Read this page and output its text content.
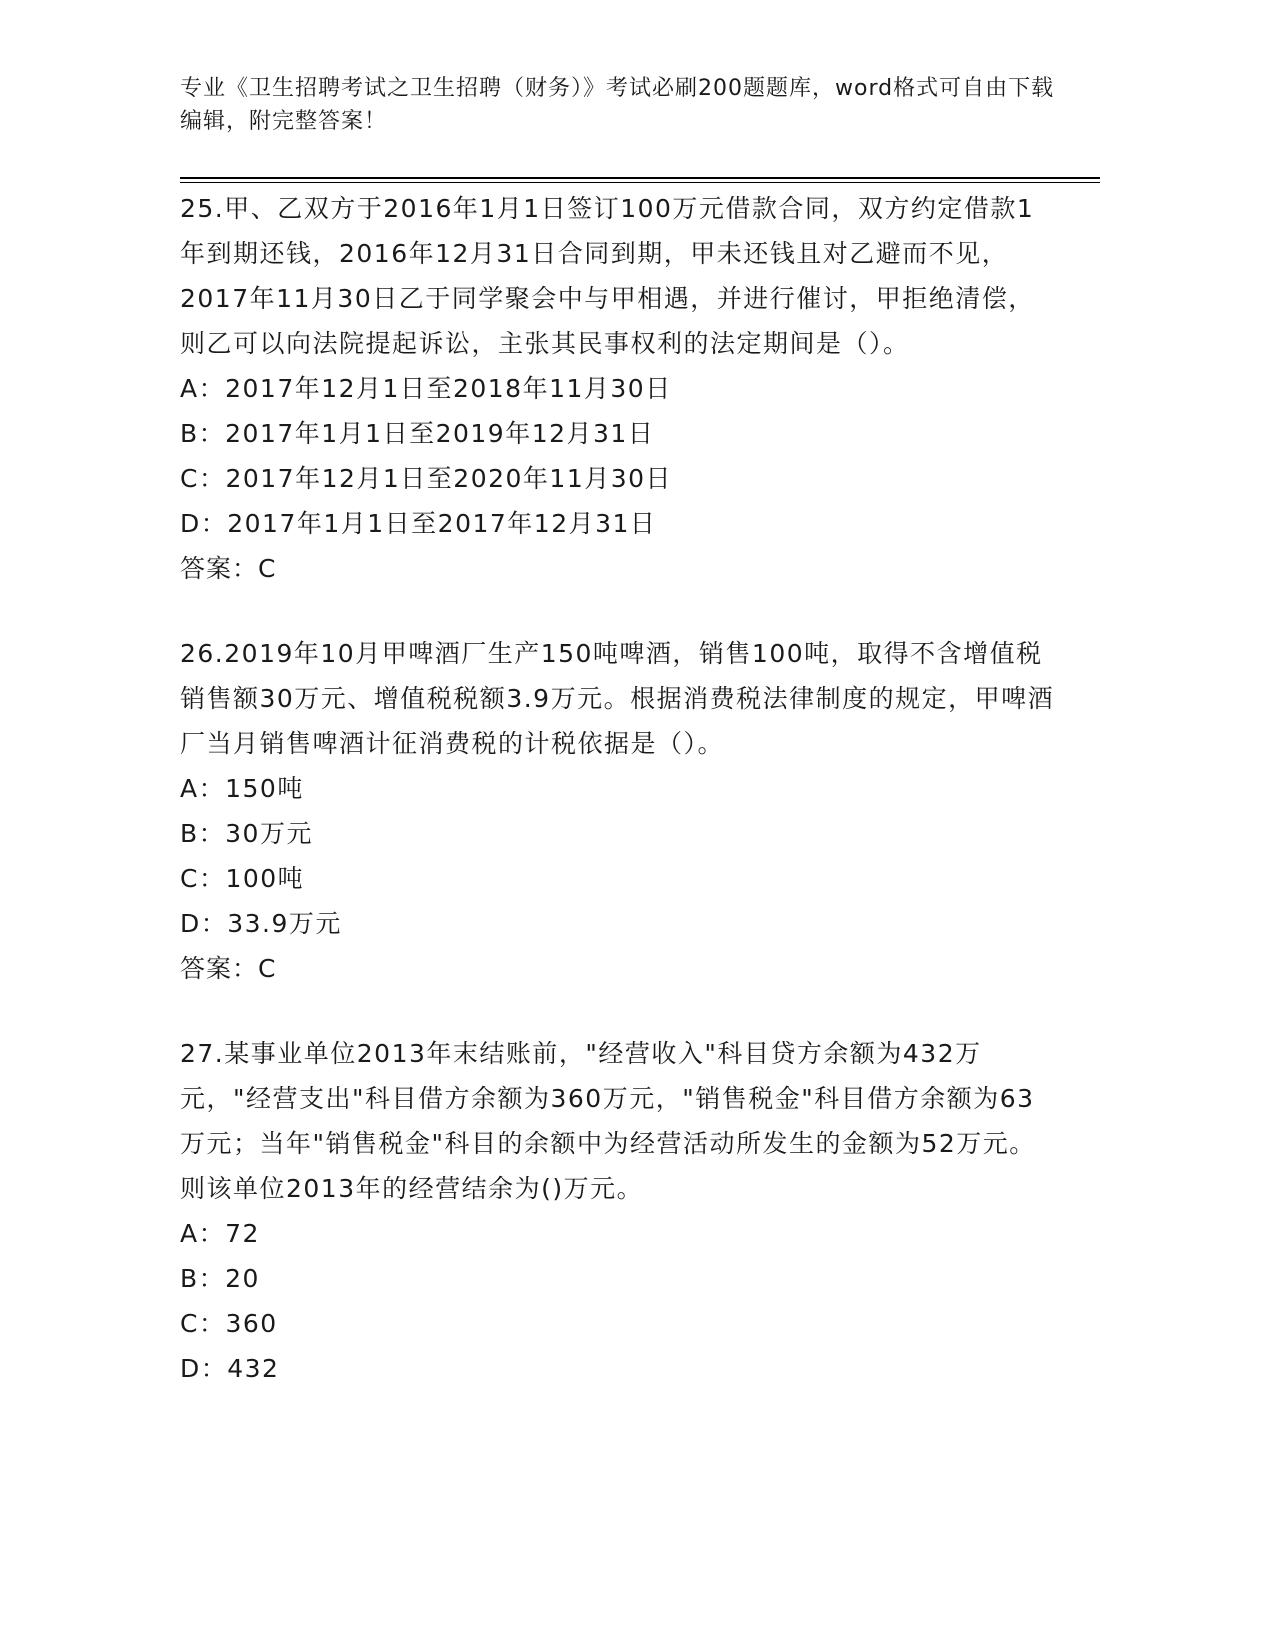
专业《卫生招聘考试之卫生招聘（财务）》考试必刷200题题库，word格式可自由下载编辑，附完整答案！

25.甲、乙双方于2016年1月1日签订100万元借款合同，双方约定借款1年到期还钱，2016年12月31日合同到期，甲未还钱且对乙避而不见，2017年11月30日乙于同学聚会中与甲相遇，并进行催讨，甲拒绝清偿，则乙可以向法院提起诉讼，主张其民事权利的法定期间是（）。

A：2017年12月1日至2018年11月30日

B：2017年1月1日至2019年12月31日

C：2017年12月1日至2020年11月30日

D：2017年1月1日至2017年12月31日

答案：C

26.2019年10月甲啤酒厂生产150吨啤酒，销售100吨，取得不含增值税销售额30万元、增值税税额3.9万元。根据消费税法律制度的规定，甲啤酒厂当月销售啤酒计征消费税的计税依据是（）。

A：150吨

B：30万元

C：100吨

D：33.9万元

答案：C

27.某事业单位2013年末结账前，"经营收入"科目贷方余额为432万元，"经营支出"科目借方余额为360万元，"销售税金"科目借方余额为63万元；当年"销售税金"科目的余额中为经营活动所发生的金额为52万元。则该单位2013年的经营结余为()万元。

A：72

B：20

C：360

D：432
